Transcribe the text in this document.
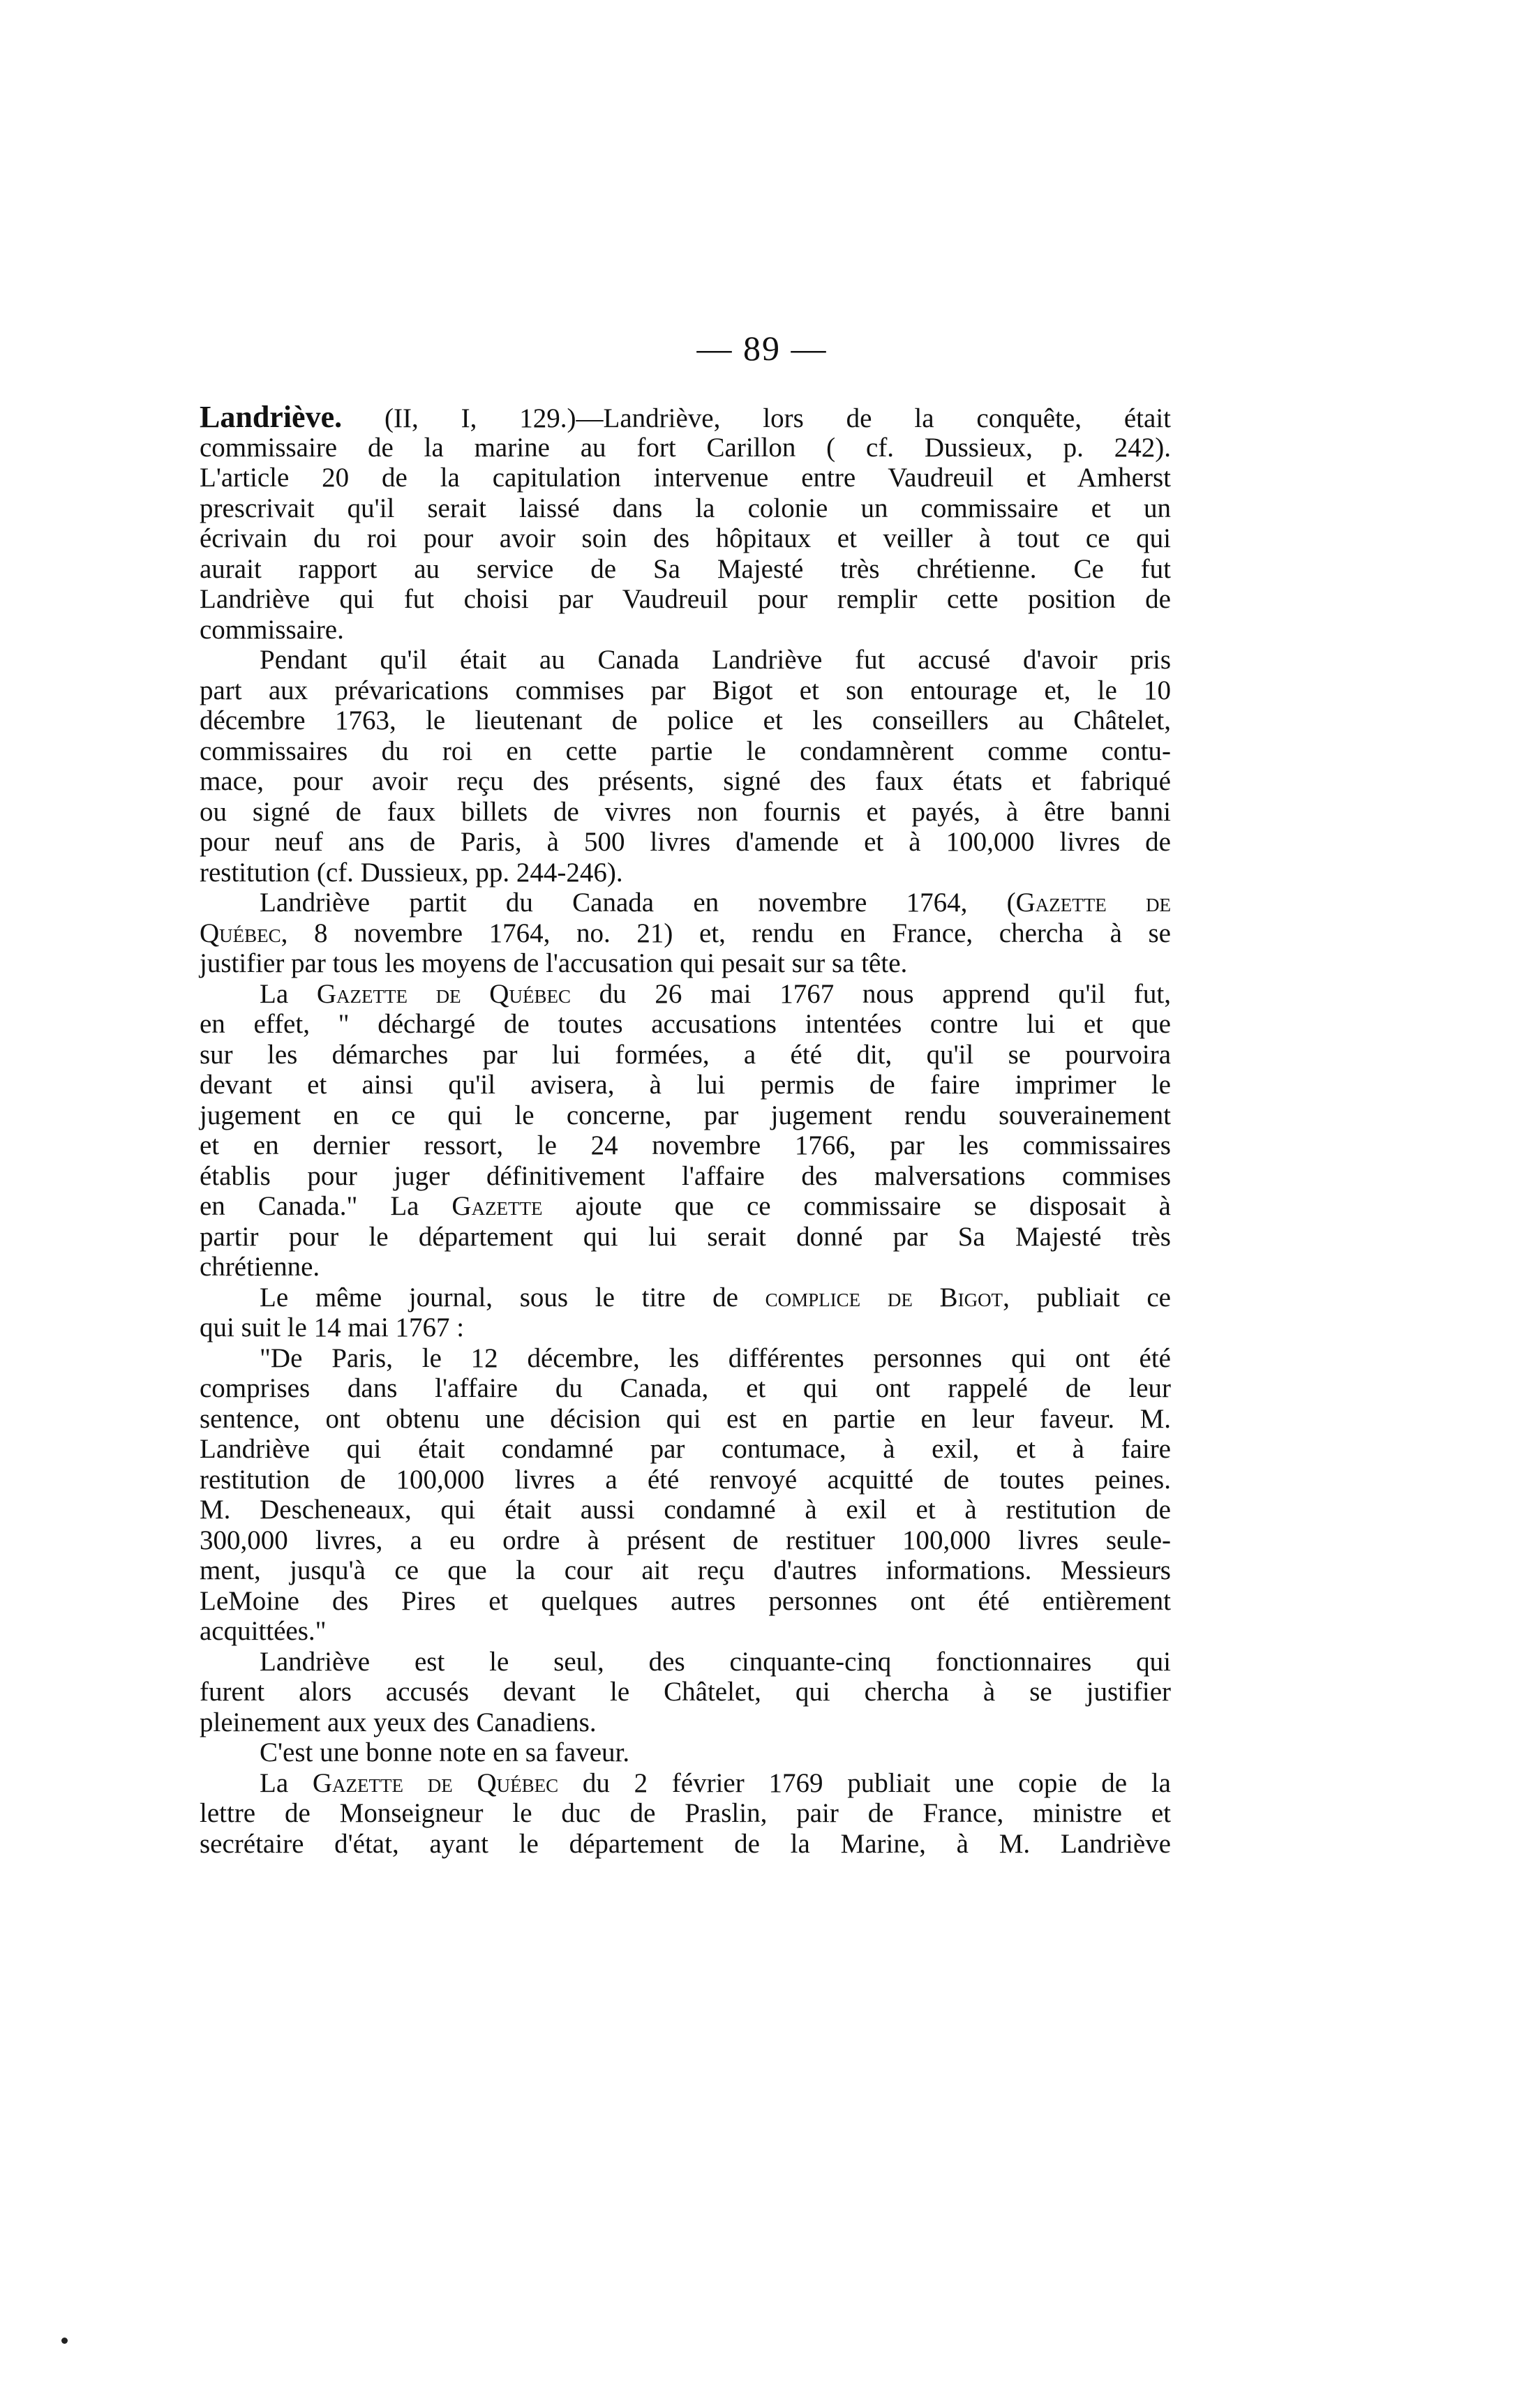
— 89 —
Landriève. (II, I, 129.)—Landriève, lors de la conquête, était
commissaire de la marine au fort Carillon ( cf. Dussieux, p. 242).
L'article 20 de la capitulation intervenue entre Vaudreuil et Amherst
prescrivait qu'il serait laissé dans la colonie un commissaire et un
écrivain du roi pour avoir soin des hôpitaux et veiller à tout ce qui
aurait rapport au service de Sa Majesté très chrétienne. Ce fut
Landriève qui fut choisi par Vaudreuil pour remplir cette position de
commissaire.
Pendant qu'il était au Canada Landriève fut accusé d'avoir pris
part aux prévarications commises par Bigot et son entourage et, le 10
décembre 1763, le lieutenant de police et les conseillers au Châtelet,
commissaires du roi en cette partie le condamnèrent comme contu-
mace, pour avoir reçu des présents, signé des faux états et fabriqué
ou signé de faux billets de vivres non fournis et payés, à être banni
pour neuf ans de Paris, à 500 livres d'amende et à 100,000 livres de
restitution (cf. Dussieux, pp. 244-246).
Landriève partit du Canada en novembre 1764, (Gazette de
Québec, 8 novembre 1764, no. 21) et, rendu en France, chercha à se
justifier par tous les moyens de l'accusation qui pesait sur sa tête.
La Gazette de Québec du 26 mai 1767 nous apprend qu'il fut,
en effet, " déchargé de toutes accusations intentées contre lui et que
sur les démarches par lui formées, a été dit, qu'il se pourvoira
devant et ainsi qu'il avisera, à lui permis de faire imprimer le
jugement en ce qui le concerne, par jugement rendu souverainement
et en dernier ressort, le 24 novembre 1766, par les commissaires
établis pour juger définitivement l'affaire des malversations commises
en Canada." La Gazette ajoute que ce commissaire se disposait à
partir pour le département qui lui serait donné par Sa Majesté très
chrétienne.
Le même journal, sous le titre de complice de Bigot, publiait ce
qui suit le 14 mai 1767 :
"De Paris, le 12 décembre, les différentes personnes qui ont été
comprises dans l'affaire du Canada, et qui ont rappelé de leur
sentence, ont obtenu une décision qui est en partie en leur faveur. M.
Landriève qui était condamné par contumace, à exil, et à faire
restitution de 100,000 livres a été renvoyé acquitté de toutes peines.
M. Descheneaux, qui était aussi condamné à exil et à restitution de
300,000 livres, a eu ordre à présent de restituer 100,000 livres seule-
ment, jusqu'à ce que la cour ait reçu d'autres informations. Messieurs
LeMoine des Pires et quelques autres personnes ont été entièrement
acquittées."
Landriève est le seul, des cinquante-cinq fonctionnaires qui
furent alors accusés devant le Châtelet, qui chercha à se justifier
pleinement aux yeux des Canadiens.
C'est une bonne note en sa faveur.
La Gazette de Québec du 2 février 1769 publiait une copie de la
lettre de Monseigneur le duc de Praslin, pair de France, ministre et
secrétaire d'état, ayant le département de la Marine, à M. Landriève
